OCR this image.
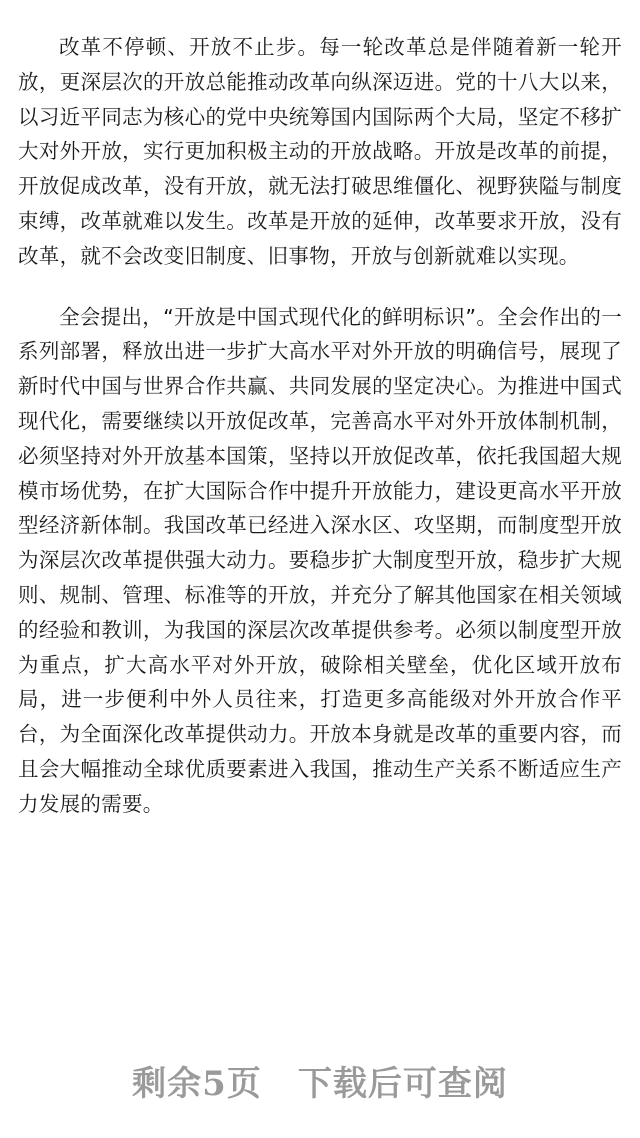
改革不停顿、开放不止步。每一轮改革总是伴随着新一轮开放，更深层次的开放总能推动改革向纵深迈进。党的十八大以来，以习近平同志为核心的党中央统筹国内国际两个大局，坚定不移扩大对外开放，实行更加积极主动的开放战略。开放是改革的前提，开放促成改革，没有开放，就无法打破思维僵化、视野狭隘与制度束缚，改革就难以发生。改革是开放的延伸，改革要求开放，没有改革，就不会改变旧制度、旧事物，开放与创新就难以实现。

全会提出，“开放是中国式现代化的鲜明标识”。全会作出的一系列部署，释放出进一步扩大高水平对外开放的明确信号，展现了新时代中国与世界合作共赢、共同发展的坚定决心。为推进中国式现代化，需要继续以开放促改革，完善高水平对外开放体制机制，必须坚持对外开放基本国策，坚持以开放促改革，依托我国超大规模市场优势，在扩大国际合作中提升开放能力，建设更高水平开放型经济新体制。我国改革已经进入深水区、攻坚期，而制度型开放为深层次改革提供强大动力。要稳步扩大制度型开放，稳步扩大规则、规制、管理、标准等的开放，并充分了解其他国家在相关领域的经验和教训，为我国的深层次改革提供参考。必须以制度型开放为重点，扩大高水平对外开放，破除相关壁垒，优化区域开放布局，进一步便利中外人员往来，打造更多高能级对外开放合作平台，为全面深化改革提供动力。开放本身就是改革的重要内容，而且会大幅推动全球优质要素进入我国，推动生产关系不断适应生产力发展的需要。

剩余5页 下载后可查阅
